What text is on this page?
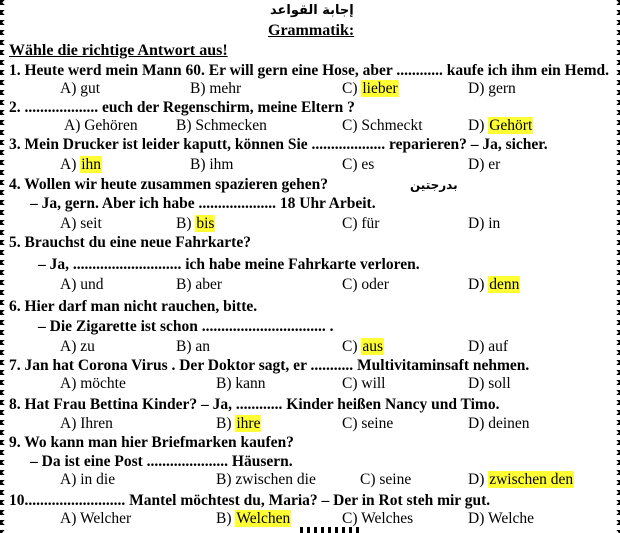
إجابة القواعد
Grammatik:
Wähle die richtige Antwort aus!
1. Heute werd mein Mann 60. Er will gern eine Hose, aber ............ kaufe ich ihm ein Hemd.
A) gut	B) mehr	C) lieber	D) gern
2. ................... euch der Regenschirm, meine Eltern ?
A) Gehören B) Schmecken	C) Schmeckt	D) Gehört
3. Mein Drucker ist leider kaputt, können Sie ................... reparieren? – Ja, sicher.
A) ihn	B) ihm	C) es	D) er
4. Wollen wir heute zusammen spazieren gehen?	بدرجتين
– Ja, gern. Aber ich habe .................... 18 Uhr Arbeit.
A) seit	B) bis	C) für	D) in
5. Brauchst du eine neue Fahrkarte?
– Ja, ............................ ich habe meine Fahrkarte verloren.
A) und	B) aber	C) oder	D) denn
6. Hier darf man nicht rauchen, bitte.
– Die Zigarette ist schon ................................ .
A) zu	B) an	C) aus	D) auf
7. Jan hat Corona Virus . Der Doktor sagt, er ........... Multivitaminsaft nehmen.
A) möchte	B) kann	C) will	D) soll
8. Hat Frau Bettina Kinder? – Ja, ............ Kinder heißen Nancy und Timo.
A) Ihren	B) ihre	C) seine	D) deinen
9. Wo kann man hier Briefmarken kaufen?
– Da ist eine Post ..................... Häusern.
A) in die	B) zwischen die	C) seine	D) zwischen den
10.......................... Mantel möchtest du, Maria? – Der in Rot steh mir gut.
A) Welcher	B) Welchen	C) Welches	D) Welche
